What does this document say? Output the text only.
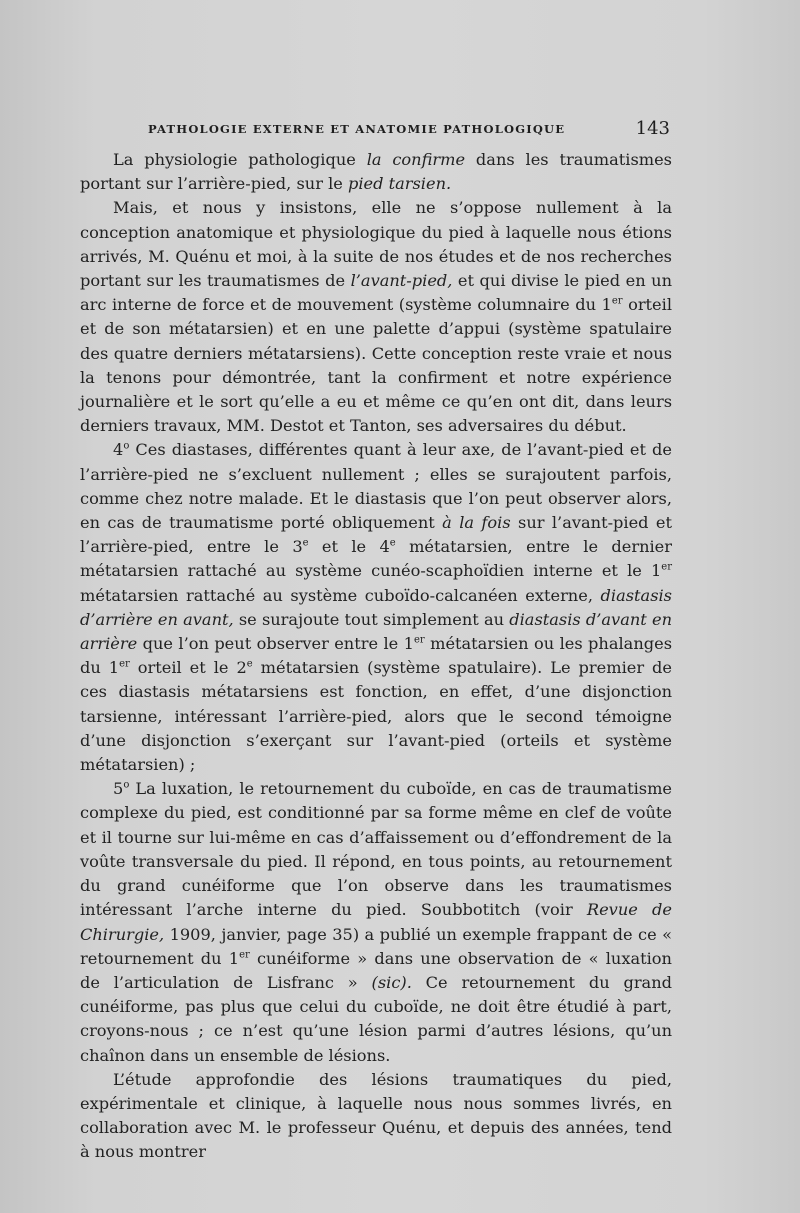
PATHOLOGIE EXTERNE ET ANATOMIE PATHOLOGIQUE	143

La physiologie pathologique la confirme dans les traumatismes portant sur l’arrière-pied, sur le pied tarsien.

Mais, et nous y insistons, elle ne s’oppose nullement à la conception anatomique et physiologique du pied à laquelle nous étions arrivés, M. Quénu et moi, à la suite de nos études et de nos recherches portant sur les traumatismes de l’avant-pied, et qui divise le pied en un arc interne de force et de mouvement (système columnaire du 1er orteil et de son métatarsien) et en une palette d’appui (système spatulaire des quatre derniers métatarsiens). Cette conception reste vraie et nous la tenons pour démontrée, tant la confirment et notre expérience journalière et le sort qu’elle a eu et même ce qu’en ont dit, dans leurs derniers travaux, MM. Destot et Tanton, ses adversaires du début.

4$^o$ Ces diastases, différentes quant à leur axe, de l’avant-pied et de l’arrière-pied ne s’excluent nullement ; elles se surajoutent parfois, comme chez notre malade. Et le diastasis que l’on peut observer alors, en cas de traumatisme porté obliquement à la fois sur l’avant-pied et l’arrière-pied, entre le 3e et le 4e métatarsien, entre le dernier métatarsien rattaché au système cunéo-scaphoïdien interne et le 1er métatarsien rattaché au système cuboïdo-calcanéen externe, diastasis d’arrière en avant, se surajoute tout simplement au diastasis d’avant en arrière que l’on peut observer entre le 1er métatarsien ou les phalanges du 1er orteil et le 2e métatarsien (système spatulaire). Le premier de ces diastasis métatarsiens est fonction, en effet, d’une disjonction tarsienne, intéressant l’arrière-pied, alors que le second témoigne d’une disjonction s’exerçant sur l’avant-pied (orteils et système métatarsien) ;

5$^o$ La luxation, le retournement du cuboïde, en cas de traumatisme complexe du pied, est conditionné par sa forme même en clef de voûte et il tourne sur lui-même en cas d’affaissement ou d’effondrement de la voûte transversale du pied. Il répond, en tous points, au retournement du grand cunéiforme que l’on observe dans les traumatismes intéressant l’arche interne du pied. Soubbotitch (voir Revue de Chirurgie, 1909, janvier, page 35) a publié un exemple frappant de ce « retournement du 1er cunéiforme » dans une observation de « luxation de l’articulation de Lisfranc » (sic). Ce retournement du grand cunéiforme, pas plus que celui du cuboïde, ne doit être étudié à part, croyons-nous ; ce n’est qu’une lésion parmi d’autres lésions, qu’un chaînon dans un ensemble de lésions.

L’étude approfondie des lésions traumatiques du pied, expérimentale et clinique, à laquelle nous nous sommes livrés, en collaboration avec M. le professeur Quénu, et depuis des années, tend à nous montrer
